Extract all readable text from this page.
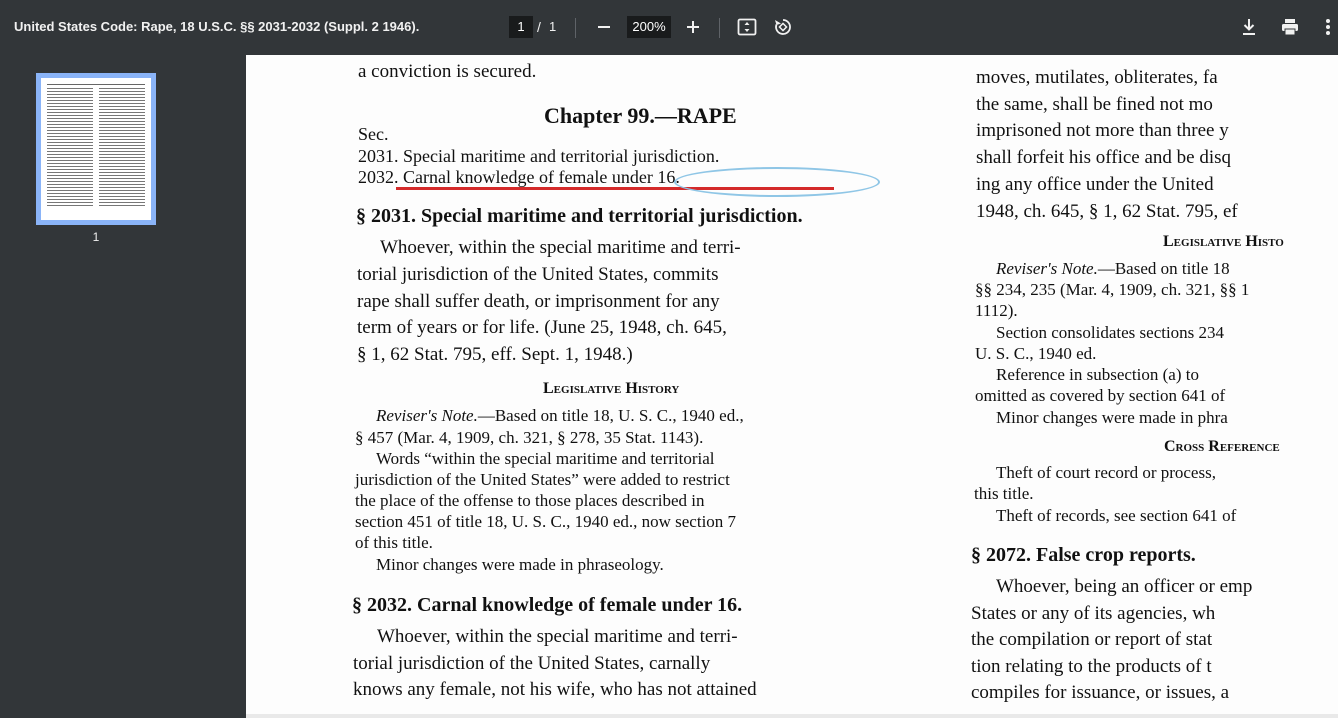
United States Code: Rape, 18 U.S.C. §§ 2031-2032 (Suppl. 2 1946).	1 / 1	200%
1
a conviction is secured.
Chapter 99.—RAPE
Sec.
2031. Special maritime and territorial jurisdiction.
2032. Carnal knowledge of female under 16.
§ 2031. Special maritime and territorial jurisdiction.
Whoever, within the special maritime and terri-
torial jurisdiction of the United States, commits
rape shall suffer death, or imprisonment for any
term of years or for life. (June 25, 1948, ch. 645,
§ 1, 62 Stat. 795, eff. Sept. 1, 1948.)
Legislative History
Reviser's Note.—Based on title 18, U. S. C., 1940 ed.,
§ 457 (Mar. 4, 1909, ch. 321, § 278, 35 Stat. 1143).
Words “within the special maritime and territorial
jurisdiction of the United States” were added to restrict
the place of the offense to those places described in
section 451 of title 18, U. S. C., 1940 ed., now section 7
of this title.
Minor changes were made in phraseology.
§ 2032. Carnal knowledge of female under 16.
Whoever, within the special maritime and terri-
torial jurisdiction of the United States, carnally
knows any female, not his wife, who has not attained
moves, mutilates, obliterates, fa
the same, shall be fined not mo
imprisoned not more than three y
shall forfeit his office and be disq
ing any office under the United
1948, ch. 645, § 1, 62 Stat. 795, ef
Legislative Histo
Reviser's Note.—Based on title 18
§§ 234, 235 (Mar. 4, 1909, ch. 321, §§ 1
1112).
Section consolidates sections 234
U. S. C., 1940 ed.
Reference in subsection (a) to
omitted as covered by section 641 of
Minor changes were made in phra
Cross Reference
Theft of court record or process,
this title.
Theft of records, see section 641 of
§ 2072. False crop reports.
Whoever, being an officer or emp
States or any of its agencies, wh
the compilation or report of stat
tion relating to the products of t
compiles for issuance, or issues, a
